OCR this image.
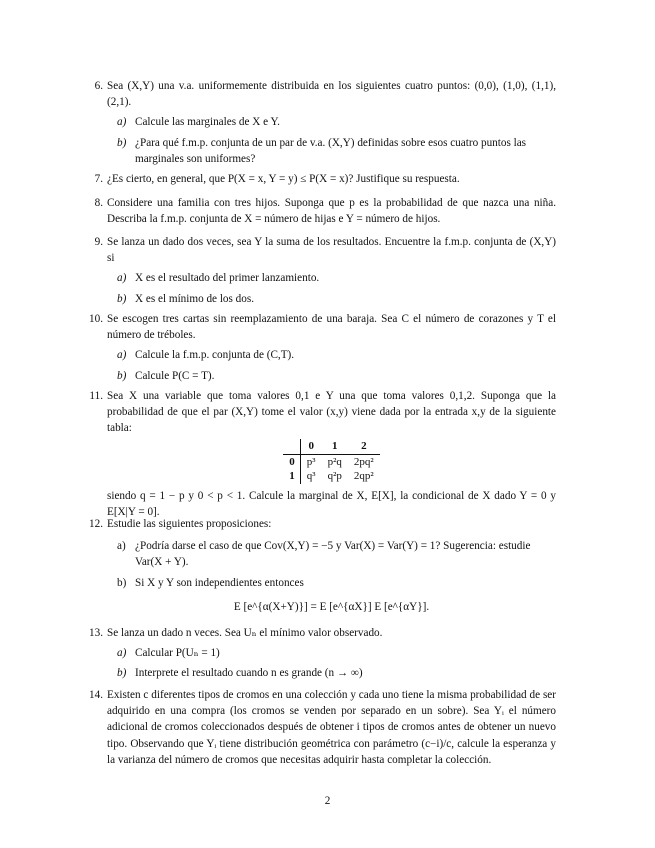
6. Sea (X,Y) una v.a. uniformemente distribuida en los siguientes cuatro puntos: (0,0), (1,0), (1,1), (2,1).

a) Calcule las marginales de X e Y.
b) ¿Para qué f.m.p. conjunta de un par de v.a. (X,Y) definidas sobre esos cuatro puntos las marginales son uniformes?
7. ¿Es cierto, en general, que P(X = x, Y = y) ≤ P(X = x)? Justifique su respuesta.

8. Considere una familia con tres hijos. Suponga que p es la probabilidad de que nazca una niña. Describa la f.m.p. conjunta de X = número de hijas e Y = número de hijos.

9. Se lanza un dado dos veces, sea Y la suma de los resultados. Encuentre la f.m.p. conjunta de (X,Y) si

a) X es el resultado del primer lanzamiento.
b) X es el mínimo de los dos.
10. Se escogen tres cartas sin reemplazamiento de una baraja. Sea C el número de corazones y T el número de tréboles.

a) Calcule la f.m.p. conjunta de (C,T).
b) Calcule P(C = T).
11. Sea X una variable que toma valores 0,1 e Y una que toma valores 0,1,2. Suponga que la probabilidad de que el par (X,Y) tome el valor (x,y) viene dada por la entrada x,y de la siguiente tabla:

	0	1	2
0	p³	p²q	2pq²
1	q³	q²p	2qp²

siendo q = 1 − p y 0 < p < 1. Calcule la marginal de X, E[X], la condicional de X dado Y = 0 y E[X|Y = 0].

12. Estudie las siguientes proposiciones:

a) ¿Podría darse el caso de que Cov(X,Y) = −5 y Var(X) = Var(Y) = 1? Sugerencia: estudie Var(X + Y).
b) Si X y Y son independientes entonces
E [e^{α(X+Y)}] = E [e^{αX}] E [e^{αY}].
13. Se lanza un dado n veces. Sea Uₙ el mínimo valor observado.

a) Calcular P(Uₙ = 1)
b) Interprete el resultado cuando n es grande (n → ∞)
14. Existen c diferentes tipos de cromos en una colección y cada uno tiene la misma probabilidad de ser adquirido en una compra (los cromos se venden por separado en un sobre). Sea Yᵢ el número adicional de cromos coleccionados después de obtener i tipos de cromos antes de obtener un nuevo tipo. Observando que Yᵢ tiene distribución geométrica con parámetro (c−i)/c, calcule la esperanza y la varianza del número de cromos que necesitas adquirir hasta completar la colección.

2
